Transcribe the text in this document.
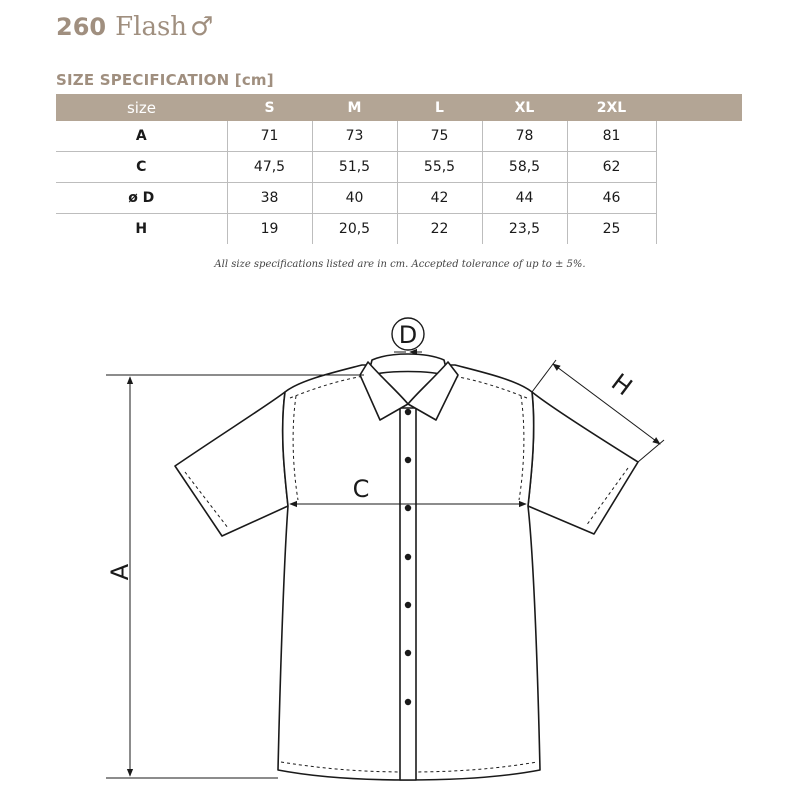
260 Flash ♂
SIZE SPECIFICATION [cm]
size	S	M	L	XL	2XL	
A	71	73	75	78	81	
C	47,5	51,5	55,5	58,5	62	
ø D	38	40	42	44	46	
H	19	20,5	22	23,5	25	
All size specifications listed are in cm. Accepted tolerance of up to ± 5%.
A
C
D
H
